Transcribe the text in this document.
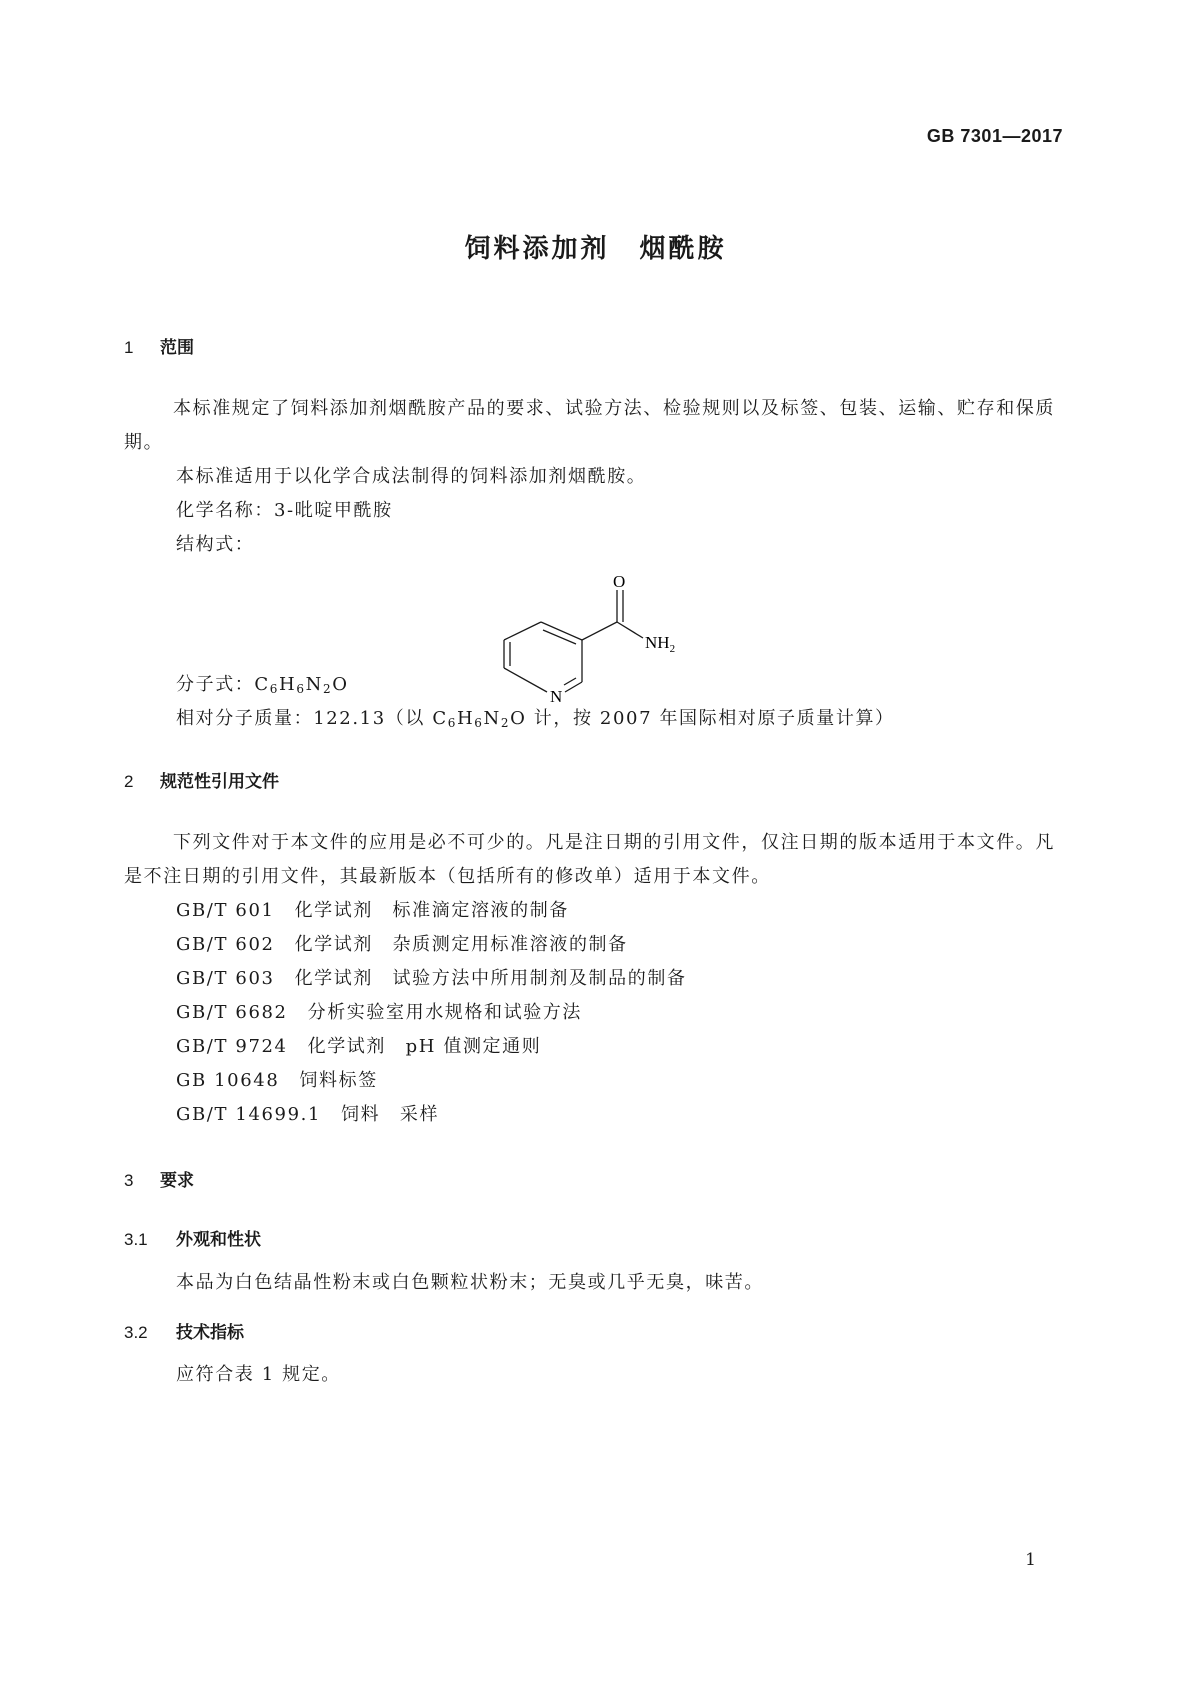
GB 7301—2017
饲料添加剂 烟酰胺
1 范围
本标准规定了饲料添加剂烟酰胺产品的要求、试验方法、检验规则以及标签、包装、运输、贮存和保质期。
本标准适用于以化学合成法制得的饲料添加剂烟酰胺。
化学名称：3-吡啶甲酰胺
结构式：
O
$NH_2$
N
分子式：C6H6N2O
相对分子质量：122.13（以 C6H6N2O 计，按 2007 年国际相对原子质量计算）
2 规范性引用文件
下列文件对于本文件的应用是必不可少的。凡是注日期的引用文件，仅注日期的版本适用于本文件。凡是不注日期的引用文件，其最新版本（包括所有的修改单）适用于本文件。
GB/T 601 化学试剂　标准滴定溶液的制备
GB/T 602 化学试剂　杂质测定用标准溶液的制备
GB/T 603 化学试剂　试验方法中所用制剂及制品的制备
GB/T 6682 分析实验室用水规格和试验方法
GB/T 9724 化学试剂　pH 值测定通则
GB 10648 饲料标签
GB/T 14699.1 饲料　采样
3 要求
3.1 外观和性状
本品为白色结晶性粉末或白色颗粒状粉末；无臭或几乎无臭，味苦。
3.2 技术指标
应符合表 1 规定。
1
